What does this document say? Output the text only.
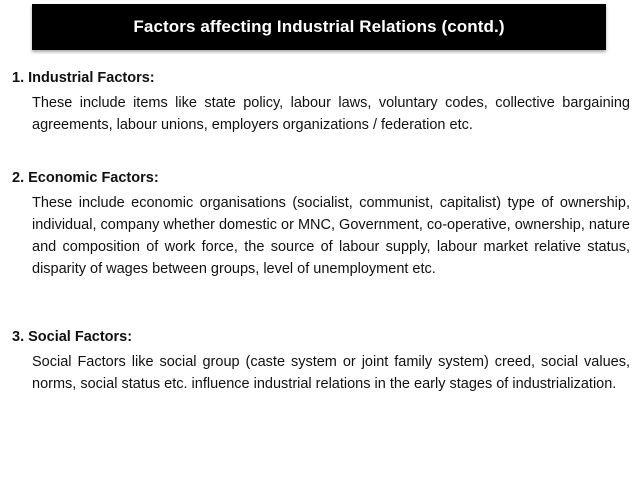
Factors affecting Industrial Relations (contd.)

1. Industrial Factors:

These include items like state policy, labour laws, voluntary codes, collective bargaining agreements, labour unions, employers organizations / federation etc.

2. Economic Factors:

These include economic organisations (socialist, communist, capitalist) type of ownership, individual, company whether domestic or MNC, Government, co-operative, ownership, nature and composition of work force, the source of labour supply, labour market relative status, disparity of wages between groups, level of unemployment etc.

3. Social Factors:

Social Factors like social group (caste system or joint family system) creed, social values, norms, social status etc. influence industrial relations in the early stages of industrialization.
